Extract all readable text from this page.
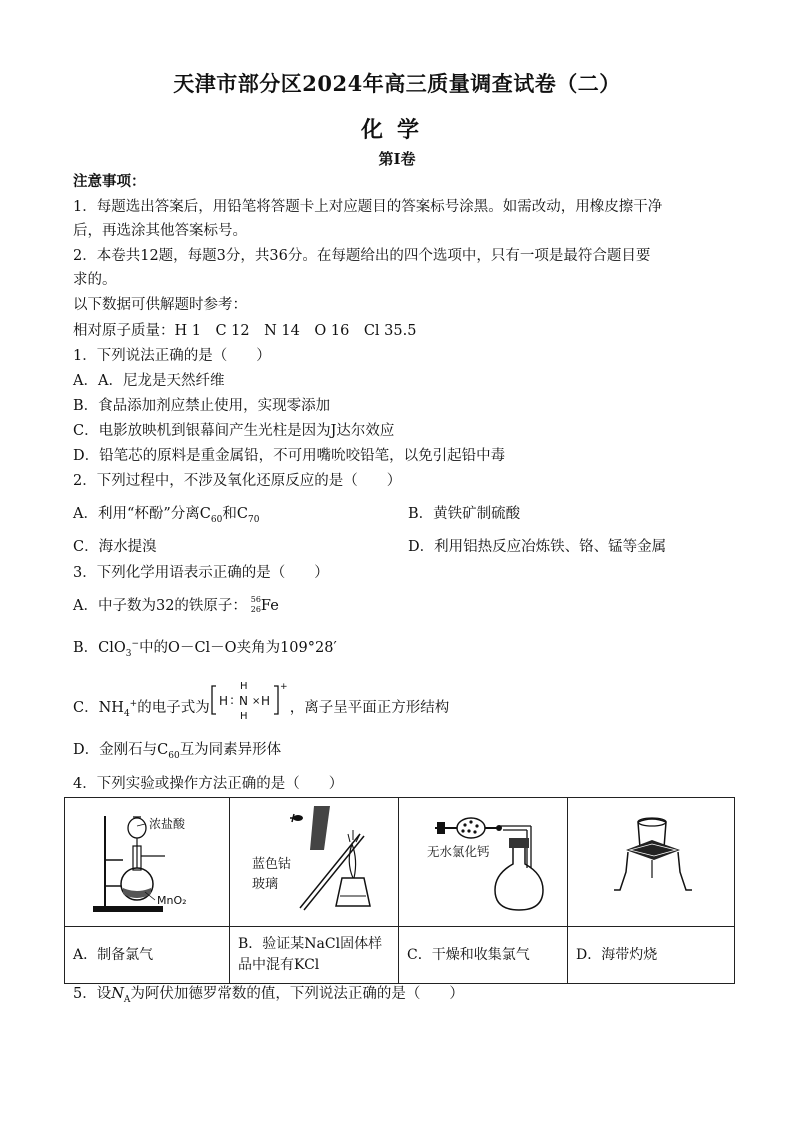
天津市部分区2024年高三质量调查试卷（二）
化学
第Ⅰ卷
注意事项：
1．每题选出答案后，用铅笔将答题卡上对应题目的答案标号涂黑。如需改动，用橡皮擦干净
后，再选涂其他答案标号。
2．本卷共12题，每题3分，共36分。在每题给出的四个选项中，只有一项是最符合题目要
求的。
以下数据可供解题时参考：
相对原子质量：H 1　C 12　N 14　O 16　Cl 35.5
1．下列说法正确的是（　　）
A．A．尼龙是天然纤维
B．食品添加剂应禁止使用，实现零添加
C．电影放映机到银幕间产生光柱是因为J达尔效应
D．铅笔芯的原料是重金属铅，不可用嘴吮咬铅笔，以免引起铅中毒
2．下列过程中，不涉及氧化还原反应的是（　　）
A．利用“杯酚”分离$C_{60}$和$C_{70}$	B．黄铁矿制硫酸
C．海水提溴	D．利用铝热反应冶炼铁、铬、锰等金属
3．下列化学用语表示正确的是（　　）
A．中子数为32的铁原子： 56
26 Fe
B．ClO$_3$−中的O－Cl－O夹角为109°28′
C．$NH_4^+$的电子式为 H : N
H
H
× H
+
，离子呈平面正方形结构
D．金刚石与$C_{60}$互为同素异形体
4．下列实验或操作方法正确的是（　　）
浓盐酸
MnO₂	蓝色钴
玻璃	无水氯化钙

A．制备氯气	B．验证某NaCl固体样品中混有KCl	C．干燥和收集氯气	D．海带灼烧
5．设$N_A$为阿伏加德罗常数的值，下列说法正确的是（　　）
